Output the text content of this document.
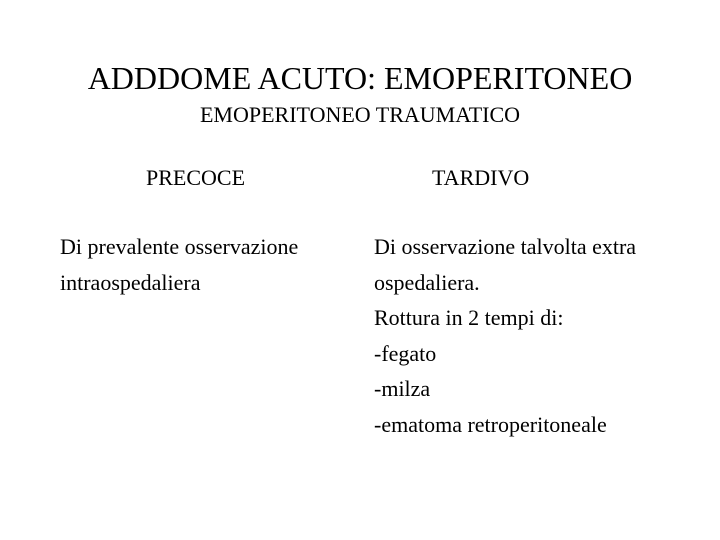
ADDDOME ACUTO: EMOPERITONEO
EMOPERITONEO TRAUMATICO
PRECOCE	TARDIVO
Di prevalente osservazione
intraospedaliera
Di osservazione talvolta extra
ospedaliera.
Rottura in 2 tempi di:
-fegato
-milza
-ematoma retroperitoneale
